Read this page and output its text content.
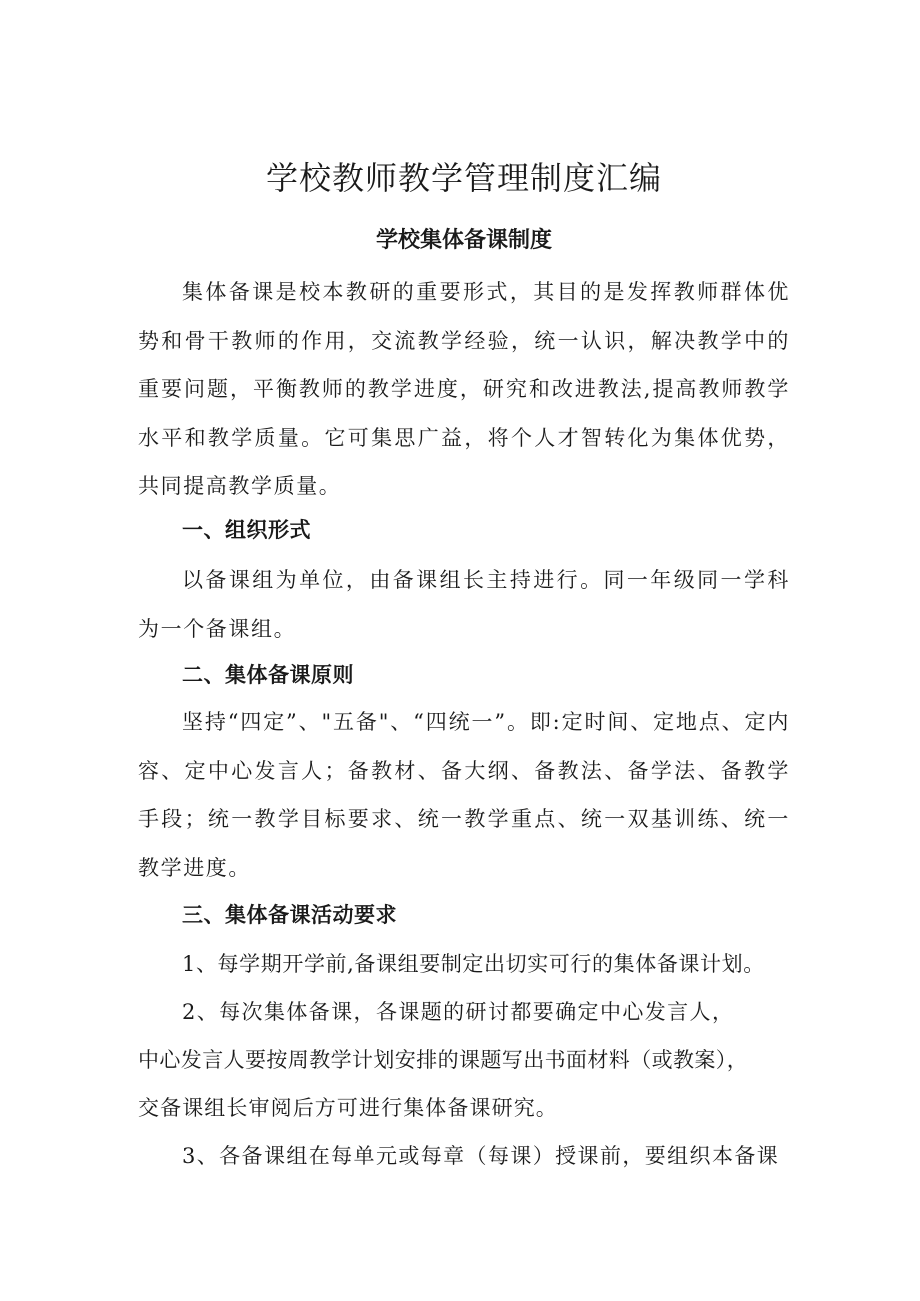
学校教师教学管理制度汇编
学校集体备课制度

集体备课是校本教研的重要形式，其目的是发挥教师群体优势和骨干教师的作用，交流教学经验，统一认识，解决教学中的重要问题，平衡教师的教学进度，研究和改进教法,提高教师教学水平和教学质量。它可集思广益，将个人才智转化为集体优势，共同提高教学质量。

一、组织形式

以备课组为单位，由备课组长主持进行。同一年级同一学科为一个备课组。

二、集体备课原则

坚持“四定”、"五备"、“四统一”。即:定时间、定地点、定内容、定中心发言人；备教材、备大纲、备教法、备学法、备教学手段；统一教学目标要求、统一教学重点、统一双基训练、统一教学进度。

三、集体备课活动要求
1、每学期开学前,备课组要制定出切实可行的集体备课计划。
2、每次集体备课，各课题的研讨都要确定中心发言人，
中心发言人要按周教学计划安排的课题写出书面材料（或教案），
交备课组长审阅后方可进行集体备课研究。
3、各备课组在每单元或每章（每课）授课前，要组织本备课
